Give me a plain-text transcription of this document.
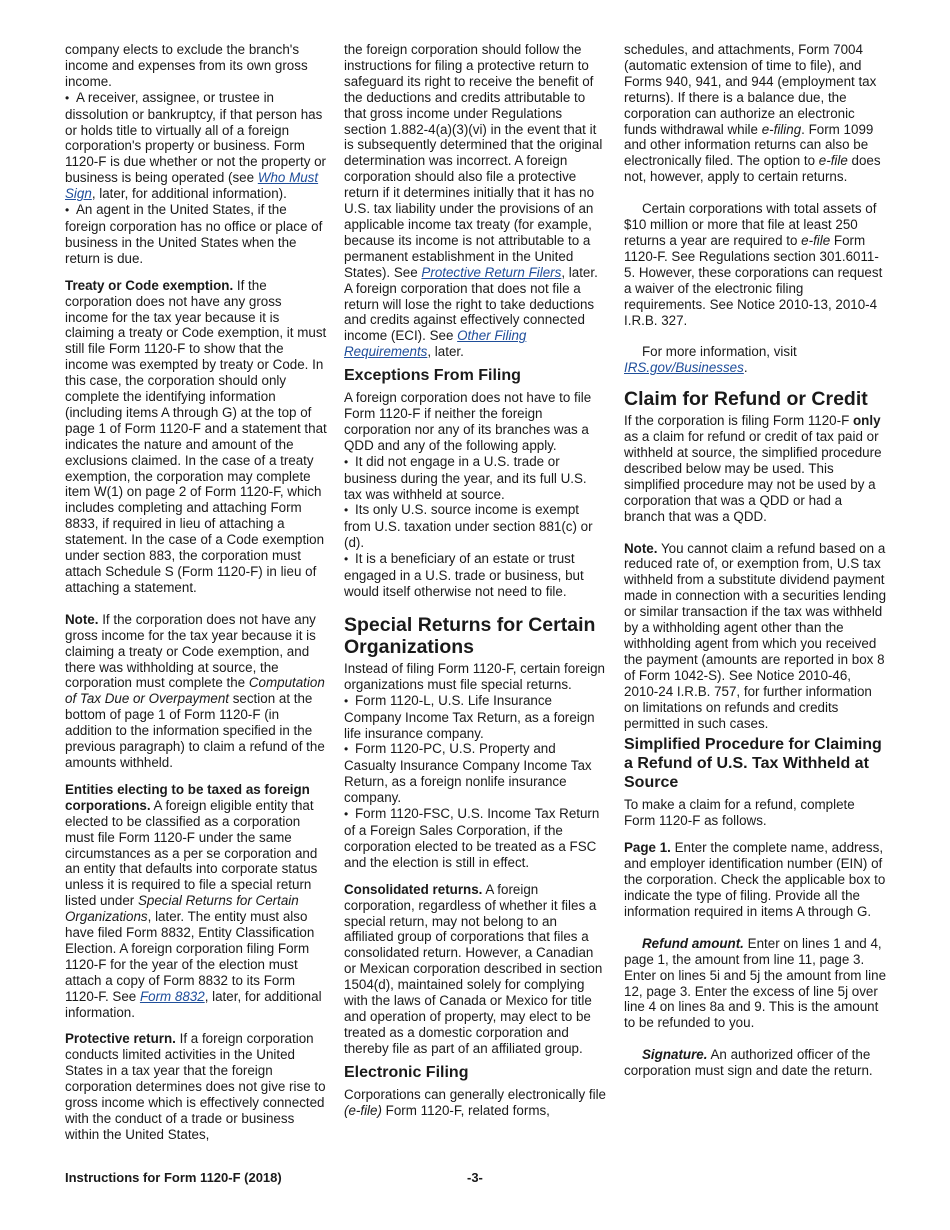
company elects to exclude the branch's income and expenses from its own gross income.

• A receiver, assignee, or trustee in dissolution or bankruptcy, if that person has or holds title to virtually all of a foreign corporation's property or business. Form 1120-F is due whether or not the property or business is being operated (see Who Must Sign, later, for additional information).

• An agent in the United States, if the foreign corporation has no office or place of business in the United States when the return is due.

Treaty or Code exemption. If the corporation does not have any gross income for the tax year because it is claiming a treaty or Code exemption, it must still file Form 1120-F to show that the income was exempted by treaty or Code. In this case, the corporation should only complete the identifying information (including items A through G) at the top of page 1 of Form 1120-F and a statement that indicates the nature and amount of the exclusions claimed. In the case of a treaty exemption, the corporation may complete item W(1) on page 2 of Form 1120-F, which includes completing and attaching Form 8833, if required in lieu of attaching a statement. In the case of a Code exemption under section 883, the corporation must attach Schedule S (Form 1120-F) in lieu of attaching a statement.

Note. If the corporation does not have any gross income for the tax year because it is claiming a treaty or Code exemption, and there was withholding at source, the corporation must complete the Computation of Tax Due or Overpayment section at the bottom of page 1 of Form 1120-F (in addition to the information specified in the previous paragraph) to claim a refund of the amounts withheld.

Entities electing to be taxed as foreign corporations. A foreign eligible entity that elected to be classified as a corporation must file Form 1120-F under the same circumstances as a per se corporation and an entity that defaults into corporate status unless it is required to file a special return listed under Special Returns for Certain Organizations, later. The entity must also have filed Form 8832, Entity Classification Election. A foreign corporation filing Form 1120-F for the year of the election must attach a copy of Form 8832 to its Form 1120-F. See Form 8832, later, for additional information.

Protective return. If a foreign corporation conducts limited activities in the United States in a tax year that the foreign corporation determines does not give rise to gross income which is effectively connected with the conduct of a trade or business within the United States,

the foreign corporation should follow the instructions for filing a protective return to safeguard its right to receive the benefit of the deductions and credits attributable to that gross income under Regulations section 1.882-4(a)(3)(vi) in the event that it is subsequently determined that the original determination was incorrect. A foreign corporation should also file a protective return if it determines initially that it has no U.S. tax liability under the provisions of an applicable income tax treaty (for example, because its income is not attributable to a permanent establishment in the United States). See Protective Return Filers, later. A foreign corporation that does not file a return will lose the right to take deductions and credits against effectively connected income (ECI). See Other Filing Requirements, later.

Exceptions From Filing

A foreign corporation does not have to file Form 1120-F if neither the foreign corporation nor any of its branches was a QDD and any of the following apply.

• It did not engage in a U.S. trade or business during the year, and its full U.S. tax was withheld at source.

• Its only U.S. source income is exempt from U.S. taxation under section 881(c) or (d).

• It is a beneficiary of an estate or trust engaged in a U.S. trade or business, but would itself otherwise not need to file.

Special Returns for Certain Organizations

Instead of filing Form 1120-F, certain foreign organizations must file special returns.

• Form 1120-L, U.S. Life Insurance Company Income Tax Return, as a foreign life insurance company.

• Form 1120-PC, U.S. Property and Casualty Insurance Company Income Tax Return, as a foreign nonlife insurance company.

• Form 1120-FSC, U.S. Income Tax Return of a Foreign Sales Corporation, if the corporation elected to be treated as a FSC and the election is still in effect.

Consolidated returns. A foreign corporation, regardless of whether it files a special return, may not belong to an affiliated group of corporations that files a consolidated return. However, a Canadian or Mexican corporation described in section 1504(d), maintained solely for complying with the laws of Canada or Mexico for title and operation of property, may elect to be treated as a domestic corporation and thereby file as part of an affiliated group.

Electronic Filing

Corporations can generally electronically file (e-file) Form 1120-F, related forms,

schedules, and attachments, Form 7004 (automatic extension of time to file), and Forms 940, 941, and 944 (employment tax returns). If there is a balance due, the corporation can authorize an electronic funds withdrawal while e-filing. Form 1099 and other information returns can also be electronically filed. The option to e-file does not, however, apply to certain returns.

Certain corporations with total assets of $10 million or more that file at least 250 returns a year are required to e-file Form 1120-F. See Regulations section 301.6011-5. However, these corporations can request a waiver of the electronic filing requirements. See Notice 2010-13, 2010-4 I.R.B. 327.

For more information, visit IRS.gov/Businesses.

Claim for Refund or Credit

If the corporation is filing Form 1120-F only as a claim for refund or credit of tax paid or withheld at source, the simplified procedure described below may be used. This simplified procedure may not be used by a corporation that was a QDD or had a branch that was a QDD.

Note. You cannot claim a refund based on a reduced rate of, or exemption from, U.S tax withheld from a substitute dividend payment made in connection with a securities lending or similar transaction if the tax was withheld by a withholding agent other than the withholding agent from which you received the payment (amounts are reported in box 8 of Form 1042-S). See Notice 2010-46, 2010-24 I.R.B. 757, for further information on limitations on refunds and credits permitted in such cases.

Simplified Procedure for Claiming a Refund of U.S. Tax Withheld at Source

To make a claim for a refund, complete Form 1120-F as follows.

Page 1. Enter the complete name, address, and employer identification number (EIN) of the corporation. Check the applicable box to indicate the type of filing. Provide all the information required in items A through G.

Refund amount. Enter on lines 1 and 4, page 1, the amount from line 11, page 3. Enter on lines 5i and 5j the amount from line 12, page 3. Enter the excess of line 5j over line 4 on lines 8a and 9. This is the amount to be refunded to you.

Signature. An authorized officer of the corporation must sign and date the return.

Instructions for Form 1120-F (2018)	-3-
